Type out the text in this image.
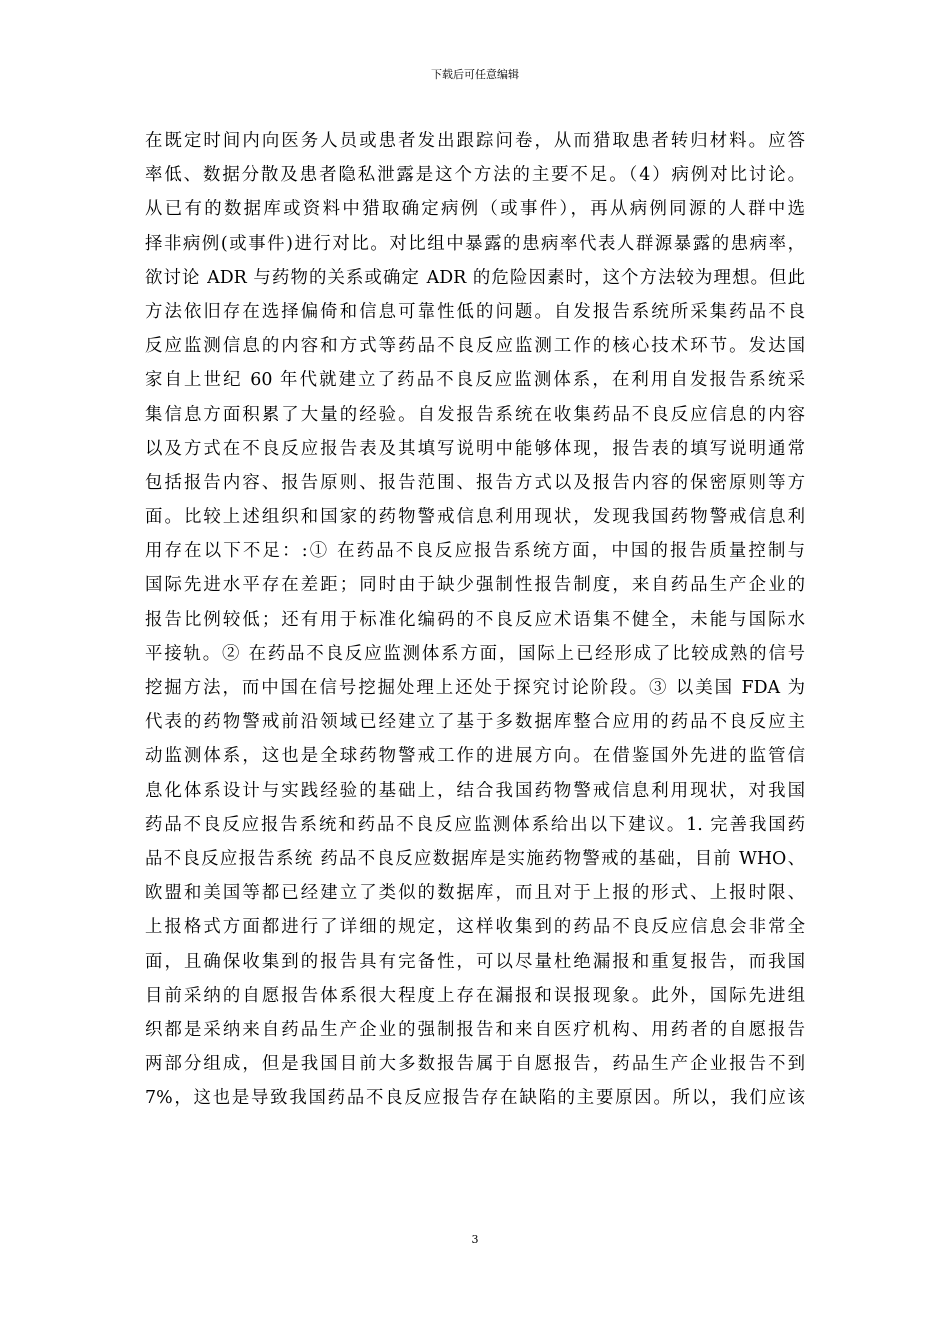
下载后可任意编辑
在既定时间内向医务人员或患者发出跟踪问卷，从而猎取患者转归材料。应答
率低、数据分散及患者隐私泄露是这个方法的主要不足。（4）病例对比讨论。
从已有的数据库或资料中猎取确定病例（或事件），再从病例同源的人群中选
择非病例(或事件)进行对比。对比组中暴露的患病率代表人群源暴露的患病率，
欲讨论 ADR 与药物的关系或确定 ADR 的危险因素时，这个方法较为理想。但此
方法依旧存在选择偏倚和信息可靠性低的问题。自发报告系统所采集药品不良
反应监测信息的内容和方式等药品不良反应监测工作的核心技术环节。发达国
家自上世纪 60 年代就建立了药品不良反应监测体系，在利用自发报告系统采
集信息方面积累了大量的经验。自发报告系统在收集药品不良反应信息的内容
以及方式在不良反应报告表及其填写说明中能够体现，报告表的填写说明通常
包括报告内容、报告原则、报告范围、报告方式以及报告内容的保密原则等方
面。比较上述组织和国家的药物警戒信息利用现状，发现我国药物警戒信息利
用存在以下不足：:① 在药品不良反应报告系统方面，中国的报告质量控制与
国际先进水平存在差距；同时由于缺少强制性报告制度，来自药品生产企业的
报告比例较低；还有用于标准化编码的不良反应术语集不健全，未能与国际水
平接轨。② 在药品不良反应监测体系方面，国际上已经形成了比较成熟的信号
挖掘方法，而中国在信号挖掘处理上还处于探究讨论阶段。③ 以美国 FDA 为
代表的药物警戒前沿领域已经建立了基于多数据库整合应用的药品不良反应主
动监测体系，这也是全球药物警戒工作的进展方向。在借鉴国外先进的监管信
息化体系设计与实践经验的基础上，结合我国药物警戒信息利用现状，对我国
药品不良反应报告系统和药品不良反应监测体系给出以下建议。1. 完善我国药
品不良反应报告系统 药品不良反应数据库是实施药物警戒的基础，目前 WHO、
欧盟和美国等都已经建立了类似的数据库，而且对于上报的形式、上报时限、
上报格式方面都进行了详细的规定，这样收集到的药品不良反应信息会非常全
面，且确保收集到的报告具有完备性，可以尽量杜绝漏报和重复报告，而我国
目前采纳的自愿报告体系很大程度上存在漏报和误报现象。此外，国际先进组
织都是采纳来自药品生产企业的强制报告和来自医疗机构、用药者的自愿报告
两部分组成，但是我国目前大多数报告属于自愿报告，药品生产企业报告不到
7%，这也是导致我国药品不良反应报告存在缺陷的主要原因。所以，我们应该
3
